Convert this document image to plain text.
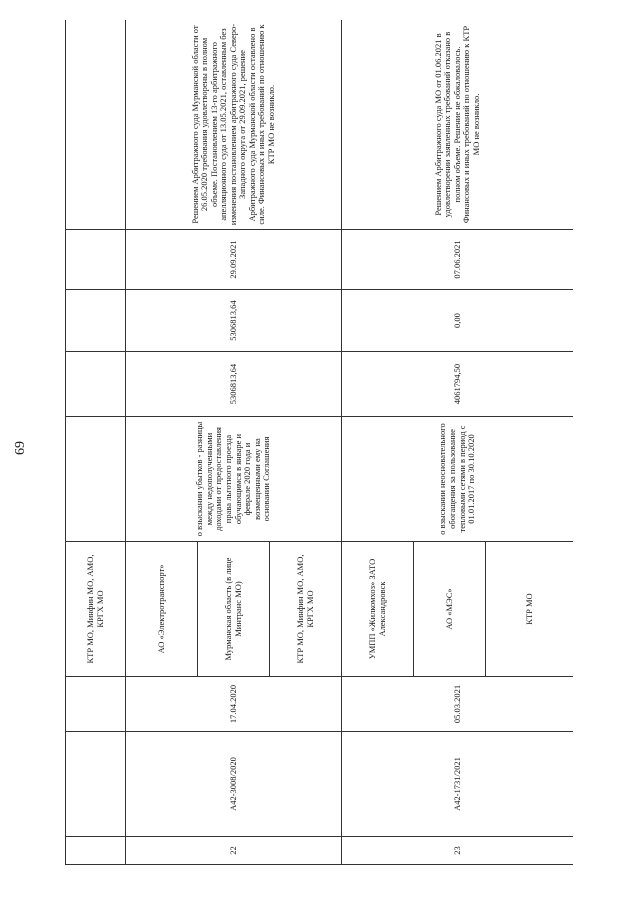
69
			КТР МО, Минфин МО, АМО, КРГХ МО					
22	А42-3008/2020	17.04.2020	АО «Электротранспорт»	о взыскании убытков - разницы между недополученными доходами от предоставления права льготного проезда обучающимся в январе и феврале 2020 года и возмещенными ему на основании Соглашения	5306813,64	5306813,64	29.09.2021	Решением Арбитражного суда Мурманской области от 26.05.2020 требования удовлетворены в полном объеме. Постановлением 13-го арбитражного апелляционного суда от 13.05.2021, оставленным без изменения постановлением арбитражного суда Северо-Западного округа от 29.09.2021, решение Арбитражного суда Мурманской области оставлено в силе. Финансовых и иных требований по отношению к КТР МО не возникло.
			Мурманская область (в лице Минтранс МО)					
			КТР МО, Минфин МО, АМО, КРГХ МО					
23	А42-1731/2021	05.03.2021	УМПП «Жилкомхоз» ЗАТО Александровск	о взыскании неосновательного обогащения за пользование тепловыми сетями в период с 01.01.2017 по 30.10.2020	4061794,50	0,00	07.06.2021	Решением Арбитражного суда МО от 01.06.2021 в удовлетворении заявленных требований отказано в полном объеме. Решение не обжаловалось. Финансовых и иных требований по отношению к КТР МО не возникло.
			АО «МЭС»					
			КТР МО					
